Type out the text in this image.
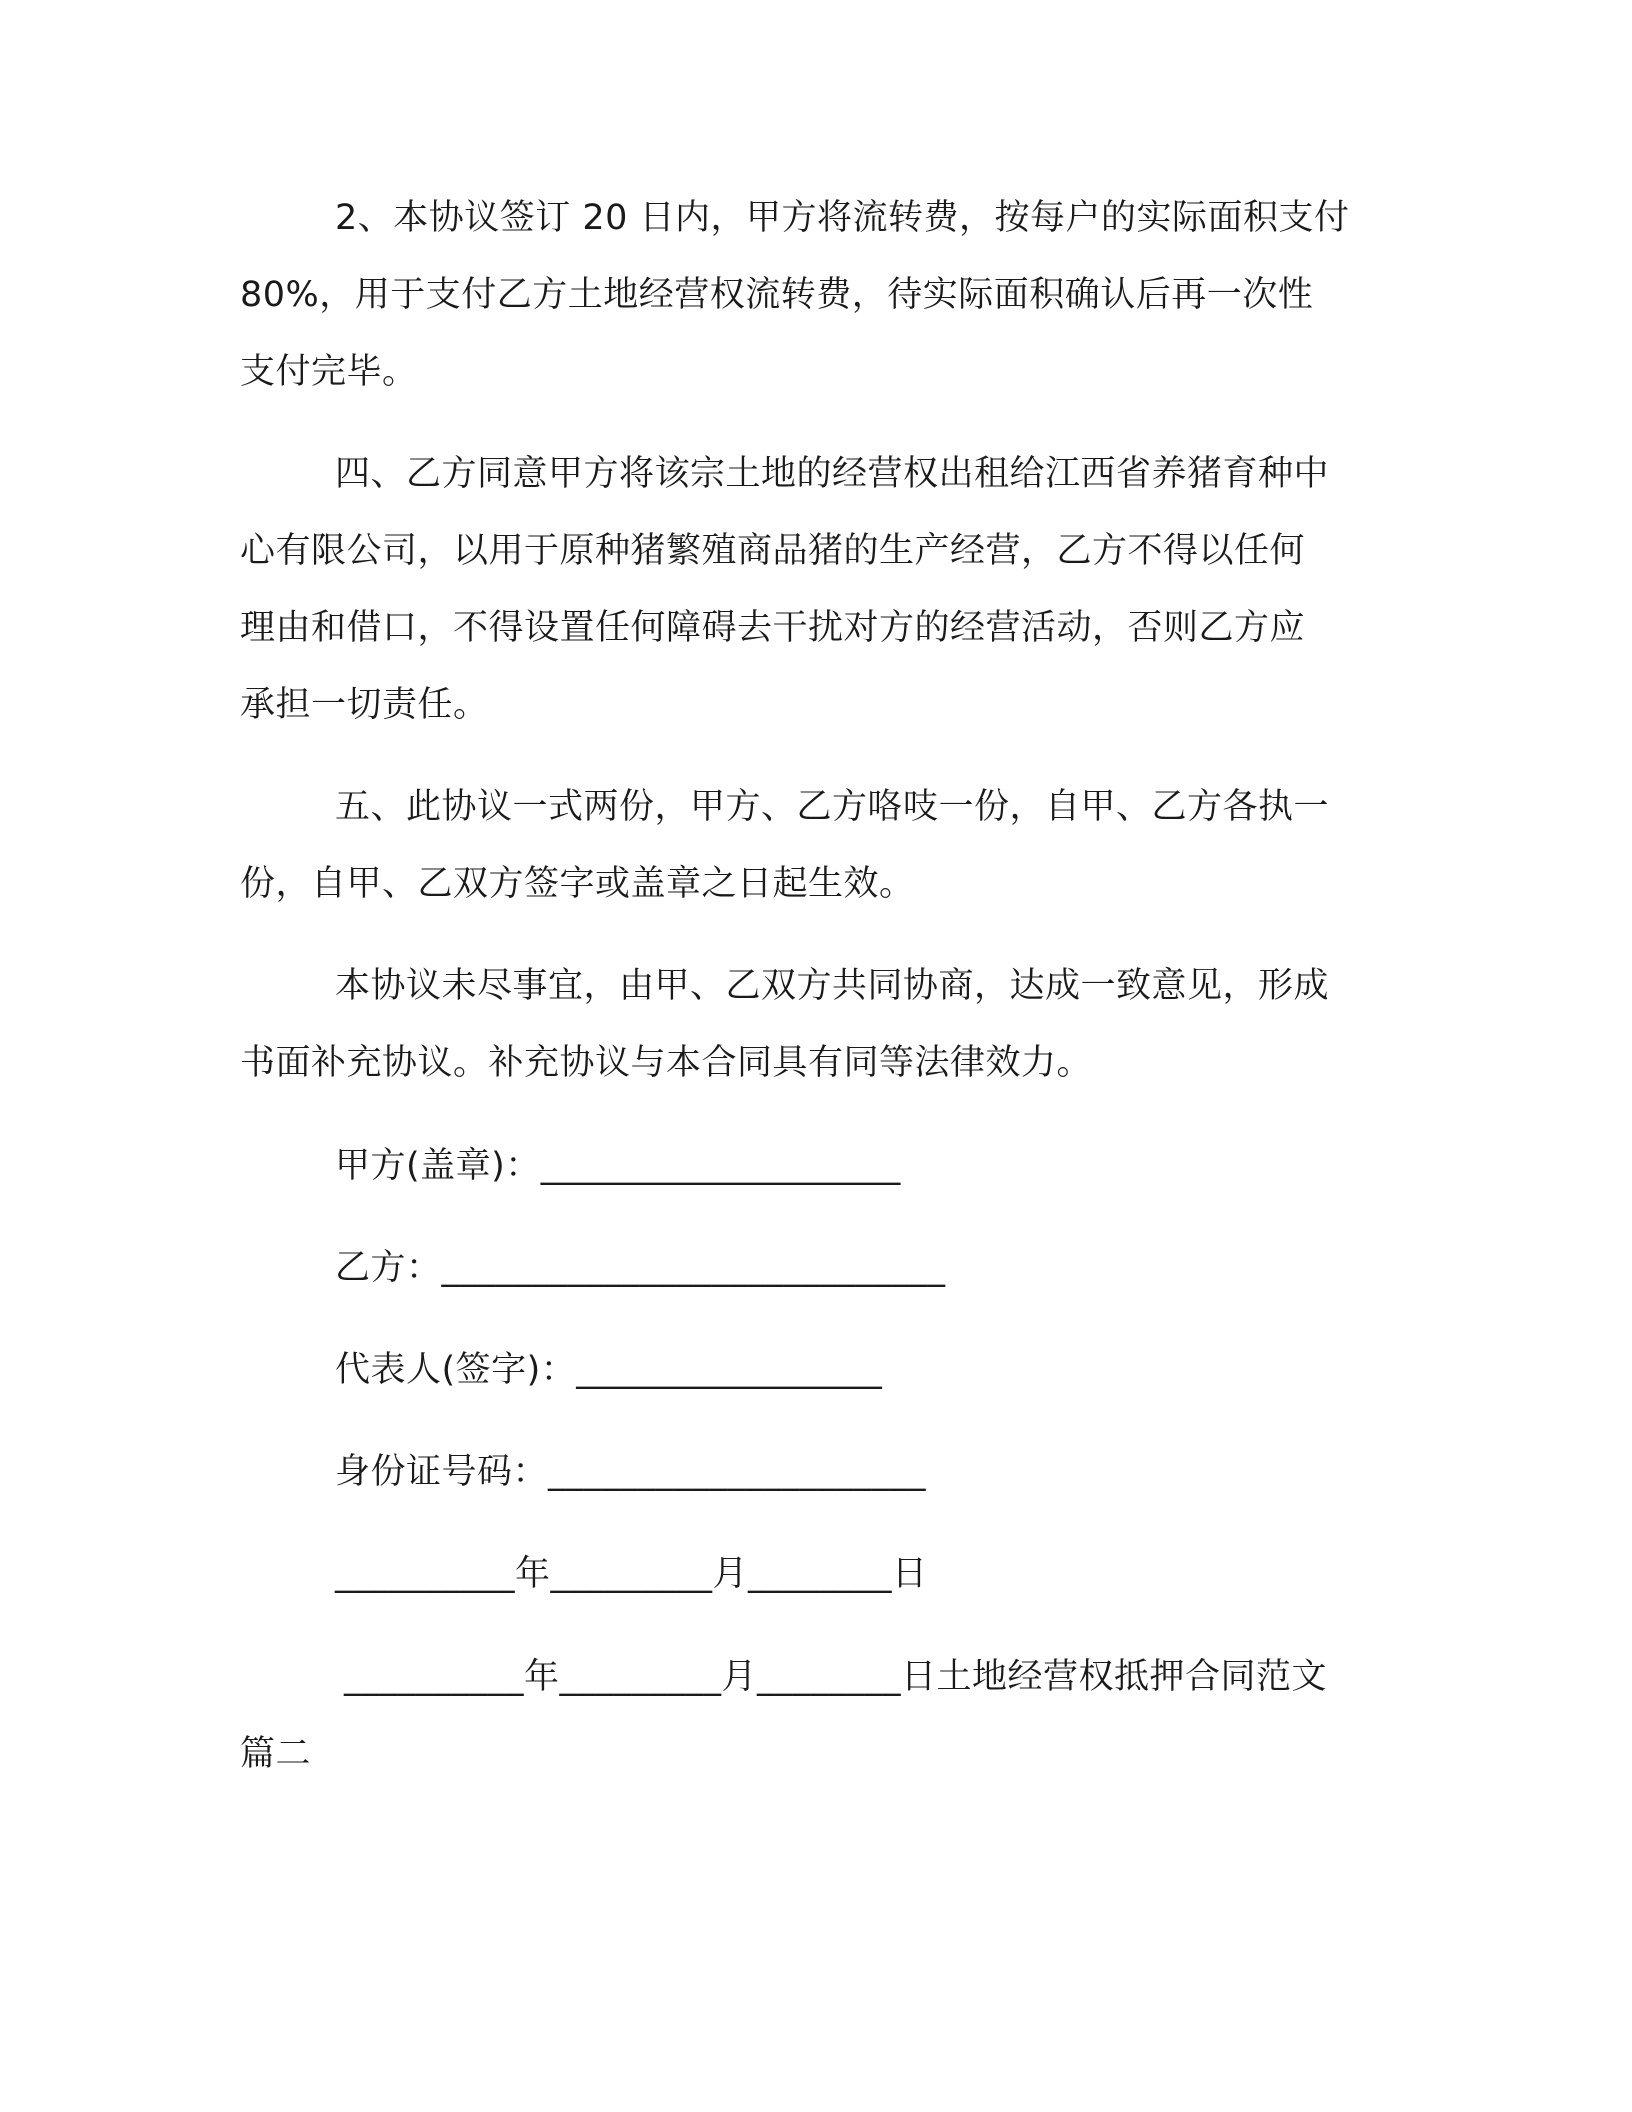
2、本协议签订 20 日内，甲方将流转费，按每户的实际面积支付
80%，用于支付乙方土地经营权流转费，待实际面积确认后再一次性
支付完毕。
四、乙方同意甲方将该宗土地的经营权出租给江西省养猪育种中
心有限公司，以用于原种猪繁殖商品猪的生产经营，乙方不得以任何
理由和借口，不得设置任何障碍去干扰对方的经营活动，否则乙方应
承担一切责任。
五、此协议一式两份，甲方、乙方咯吱一份，自甲、乙方各执一
份，自甲、乙双方签字或盖章之日起生效。
本协议未尽事宜，由甲、乙双方共同协商，达成一致意见，形成
书面补充协议。补充协议与本合同具有同等法律效力。
甲方(盖章)：____________________
乙方：____________________________
代表人(签字)：_________________
身份证号码：_____________________
__________年_________月________日
__________年_________月________日土地经营权抵押合同范文
篇二
